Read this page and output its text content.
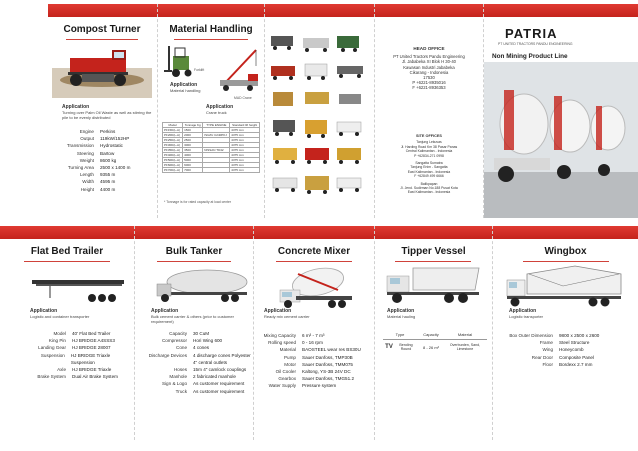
Compost Turner
Application
Turning over Palm Oil Waste as well as stirring the pile to be evenly distributed
Engine	Perkins
Output	119kW/152HP
Transmission	Hydrostatic
Steering	Bartow
Weight	8600 kg
Turning Area	2500 x 1400 m
Length	9355 m
Width	4595 m
Height	4400 m
Material Handling
Forklift
MAD Crane
Application
Material handling
Application
Crane truck
Model	Tonnage Kg	TYPE ENGINE	Standard lift height
PF15D(L-A)	1500		4375 mm
PF20D(L-A)	2000	ISUZU C240PKJ	4375 mm
PF25D(L-A)	2500		4375 mm
PF30D(L-A)	3000		4375 mm
PF35D(L-A)	3500	NISSAN TD42	4375 mm
PF40D(L-A)	4000		4375 mm
PF50D(L-A)	5000		4375 mm
PF60D(L-A)	6000		4375 mm
PF70D(L-A)	7000		4375 mm
* Tonnage is for rated capacity at load center
HEAD OFFICE
PT United Tractors Pandu Engineering
Jl. Jababeka XI Blok H 30-40
Kawasan Industri Jababeka
Cikarang - Indonesia
17530
P +6221-8935016
F +6221-8936353
SITE OFFICES
Tanjung Lekuvas
Jl. Harding Road Km 38 Pasar Panas
Central Kalimantan - Indonesia
P +62834-271 0998
Sangatta Sumatra
Tanjung Enim - Sangatta
East Kalimantan - Indonesia
F +62849 499 6666
Balikpapan
Jl. Jend. Sudirman No.188 Pusat Kota
East Kalimantan - Indonesia
PATRIA
PT UNITED TRACTORS PANDU ENGINEERING
Non Mining Product Line
Flat Bed Trailer
Application
Logistic and container transporter
Model	40' Flat Bed Trailer
King Pin	HJ BRIDGE A4SSS3
Landing Gear	HJ BRIDGE 28007
Suspension	HJ BRIDGE Triaxle Suspension
Axle	HJ BRIDGE Triaxle
Brake System	Dual Air Brake System
Bulk Tanker
Application
Bulk cement carrier & others (prior to customer requirement)
Capacity	30 CuM
Compressor	Hori Wing 600
Cone	4 cones
Discharge Devices	4 discharge cones Polyester
4" central outlets
Hoses	15m 4" camlock couplings
Manhole	2 fabricated manhole
Sign & Logo	As customer requirement
Truck	As customer requirement
Concrete Mixer
Application
Ready mix cement carrier
Mixing Capacity	6 m³ - 7 m³
Rolling speed	0 - 16 rpm
Material	BAOSTEEL wear res BS30U
Pump	Sauer Danfoss, TMP30B
Motor	Sauer Danfoss, TMM075
Oil Cooler	Kaltong, YS-3B 24V DC
Gearbox	Sauer Danfoss, TMG51.2
Water Supply	Pressure system
Tipper Vessel
Application
Material hauling
Type	Capacity	Material
TV	Bending Round	8 - 26 m³	Overburden, Sand, Limestone
Wingbox
Application
Logistic transporter
Box Outer Dimension	9800 x 2500 x 2600
Frame	Steel Structure
Wing	Honeycomb
Rear Door	Composite Panel
Floor	Bordexx 2.7 mm
